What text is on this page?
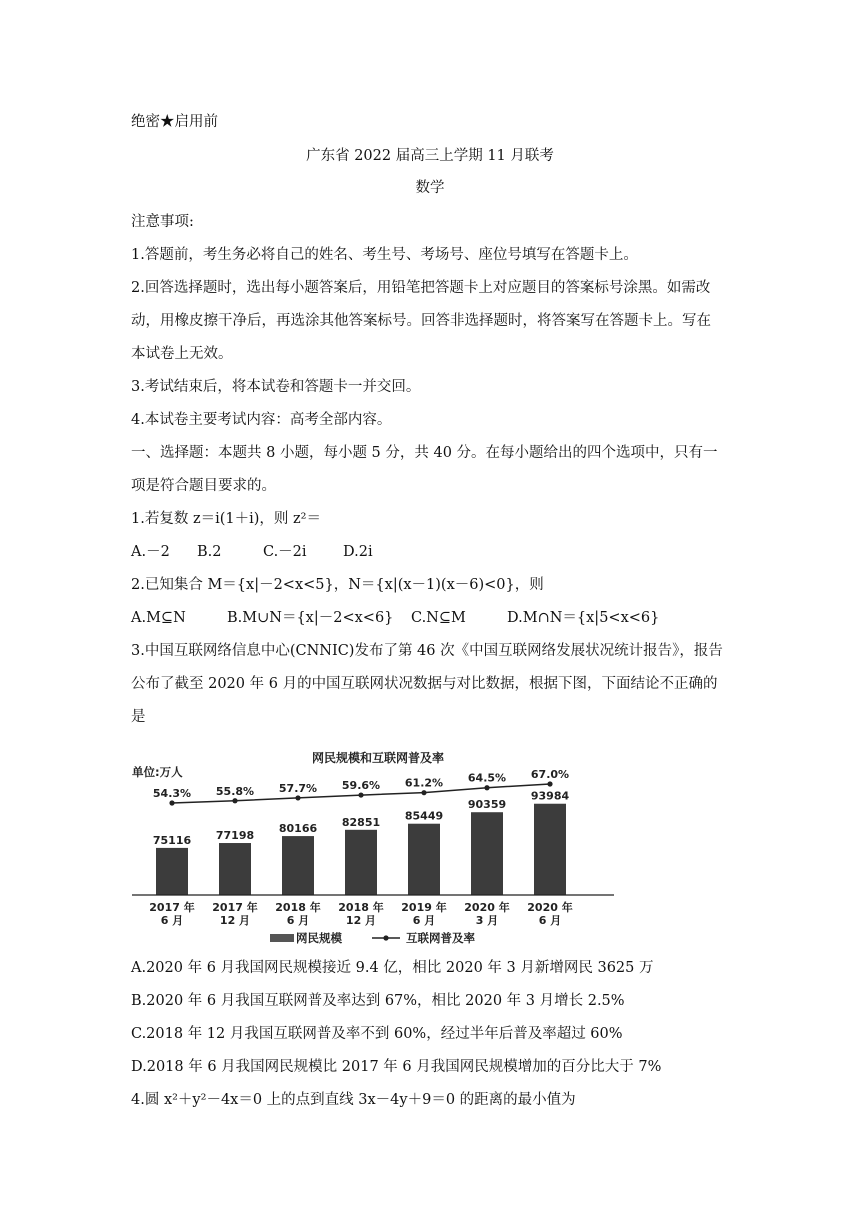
绝密★启用前
广东省 2022 届高三上学期 11 月联考
数学
注意事项:
1.答题前，考生务必将自己的姓名、考生号、考场号、座位号填写在答题卡上。
2.回答选择题时，选出每小题答案后，用铅笔把答题卡上对应题目的答案标号涂黑。如需改
动，用橡皮擦干净后，再选涂其他答案标号。回答非选择题时，将答案写在答题卡上。写在
本试卷上无效。
3.考试结束后，将本试卷和答题卡一并交回。
4.本试卷主要考试内容：高考全部内容。
一、选择题：本题共 8 小题，每小题 5 分，共 40 分。在每小题给出的四个选项中，只有一
项是符合题目要求的。
1.若复数 z＝i(1＋i)，则 z²＝
A.－2 B.2	C.－2i	D.2i
2.已知集合 M＝{x|－2<x<5}，N＝{x|(x－1)(x－6)<0}，则
A.M⊆N	B.M∪N＝{x|－2<x<6} C.N⊆M	D.M∩N＝{x|5<x<6}
3.中国互联网络信息中心(CNNIC)发布了第 46 次《中国互联网络发展状况统计报告》，报告
公布了截至 2020 年 6 月的中国互联网状况数据与对比数据，根据下图，下面结论不正确的
是
网民规模和互联网普及率
单位:万人
75116 77198
80166 82851 85449
90359
93984
54.3% 55.8% 57.7% 59.6% 61.2% 64.5% 67.0%
2017 年
6 月
2017 年
12 月
2018 年
6 月
2018 年
12 月
2019 年
6 月
2020 年
3 月
2020 年
6 月
网民规模	互联网普及率
A.2020 年 6 月我国网民规模接近 9.4 亿，相比 2020 年 3 月新增网民 3625 万
B.2020 年 6 月我国互联网普及率达到 67%，相比 2020 年 3 月增长 2.5%
C.2018 年 12 月我国互联网普及率不到 60%，经过半年后普及率超过 60%
D.2018 年 6 月我国网民规模比 2017 年 6 月我国网民规模增加的百分比大于 7%
4.圆 x²＋y²－4x＝0 上的点到直线 3x－4y＋9＝0 的距离的最小值为
